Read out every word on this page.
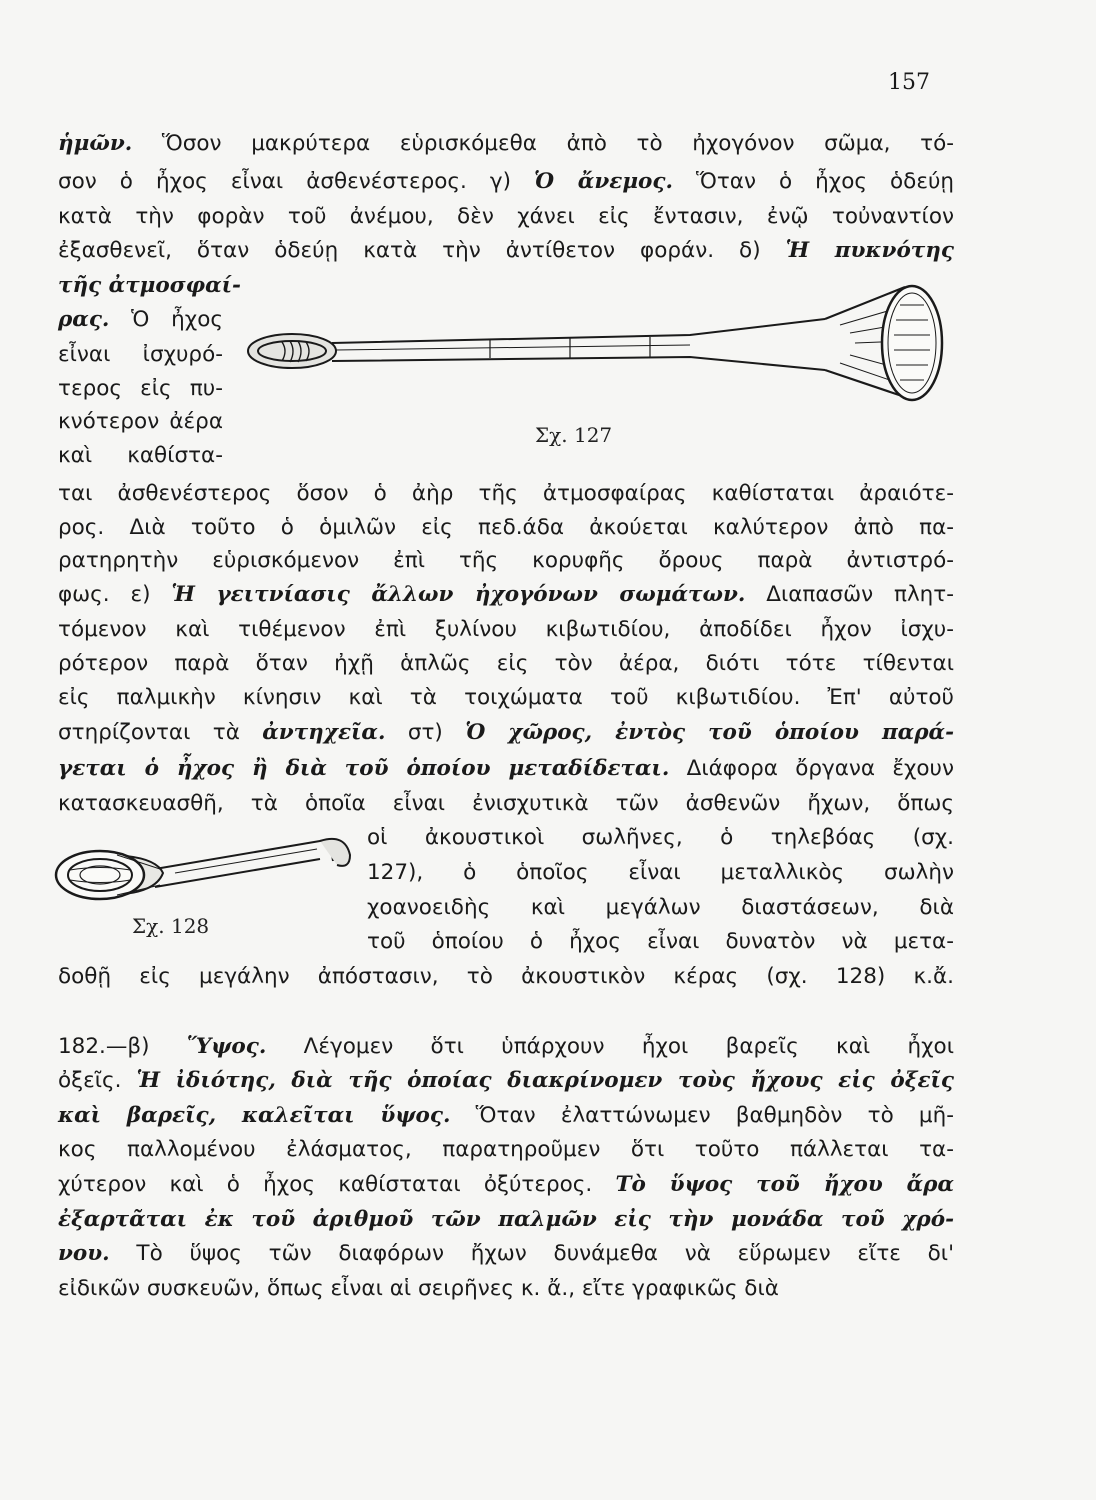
157
ἡμῶν. Ὅσον μακρύτερα εὑρισκόμεθα ἀπὸ τὸ ἠχογόνον σῶμα, τό-
σον ὁ ἦχος εἶναι ἀσθενέστερος. γ) Ὁ ἄνεμος. Ὅταν ὁ ἦχος ὁδεύῃ
κατὰ τὴν φορὰν τοῦ ἀνέμου, δὲν χάνει εἰς ἔντασιν, ἐνῷ τοὐναντίον
ἐξασθενεῖ, ὅταν ὁδεύῃ κατὰ τὴν ἀντίθετον φοράν. δ) Ἡ πυκνότης
τῆς ἀτμοσφαί-
ρας. Ὁ ἦχος
εἶναι ἰσχυρό-
τερος εἰς πυ-
κνότερον ἀέρα
καὶ καθίστα-
ται ἀσθενέστερος ὅσον ὁ ἀὴρ τῆς ἀτμοσφαίρας καθίσταται ἀραιότε-
ρος. Διὰ τοῦτο ὁ ὁμιλῶν εἰς πεδ.άδα ἀκούεται καλύτερον ἀπὸ πα-
ρατηρητὴν εὑρισκόμενον ἐπὶ τῆς κορυφῆς ὄρους παρὰ ἀντιστρό-
φως. ε) Ἡ γειτνίασις ἄλλων ἠχογόνων σωμάτων. Διαπασῶν πλητ-
τόμενον καὶ τιθέμενον ἐπὶ ξυλίνου κιβωτιδίου, ἀποδίδει ἦχον ἰσχυ-
ρότερον παρὰ ὅταν ἠχῇ ἁπλῶς εἰς τὸν ἀέρα, διότι τότε τίθενται
εἰς παλμικὴν κίνησιν καὶ τὰ τοιχώματα τοῦ κιβωτιδίου. Ἐπ' αὐτοῦ
στηρίζονται τὰ ἀντηχεῖα. στ) Ὁ χῶρος, ἐντὸς τοῦ ὁποίου παρά-
γεται ὁ ἦχος ἢ διὰ τοῦ ὁποίου μεταδίδεται. Διάφορα ὄργανα ἔχουν
κατασκευασθῆ, τὰ ὁποῖα εἶναι ἐνισχυτικὰ τῶν ἀσθενῶν ἤχων, ὅπως
οἱ ἀκουστικοὶ σωλῆνες, ὁ τηλεβόας (σχ.
127), ὁ ὁποῖος εἶναι μεταλλικὸς σωλὴν
χοανοειδὴς καὶ μεγάλων διαστάσεων, διὰ
τοῦ ὁποίου ὁ ἦχος εἶναι δυνατὸν νὰ μετα-
δοθῇ εἰς μεγάλην ἀπόστασιν, τὸ ἀκουστικὸν κέρας (σχ. 128) κ.ἄ.
182.—β) Ὕψος. Λέγομεν ὅτι ὑπάρχουν ἦχοι βαρεῖς καὶ ἦχοι
ὀξεῖς. Ἡ ἰδιότης, διὰ τῆς ὁποίας διακρίνομεν τοὺς ἤχους εἰς ὀξεῖς
καὶ βαρεῖς, καλεῖται ὕψος. Ὅταν ἐλαττώνωμεν βαθμηδὸν τὸ μῆ-
κος παλλομένου ἐλάσματος, παρατηροῦμεν ὅτι τοῦτο πάλλεται τα-
χύτερον καὶ ὁ ἦχος καθίσταται ὀξύτερος. Τὸ ὕψος τοῦ ἤχου ἄρα
ἐξαρτᾶται ἐκ τοῦ ἀριθμοῦ τῶν παλμῶν εἰς τὴν μονάδα τοῦ χρό-
νου. Τὸ ὕψος τῶν διαφόρων ἤχων δυνάμεθα νὰ εὕρωμεν εἴτε δι'
εἰδικῶν συσκευῶν, ὅπως εἶναι αἱ σειρῆνες κ. ἄ., εἴτε γραφικῶς διὰ
Σχ. 127
Σχ. 128
